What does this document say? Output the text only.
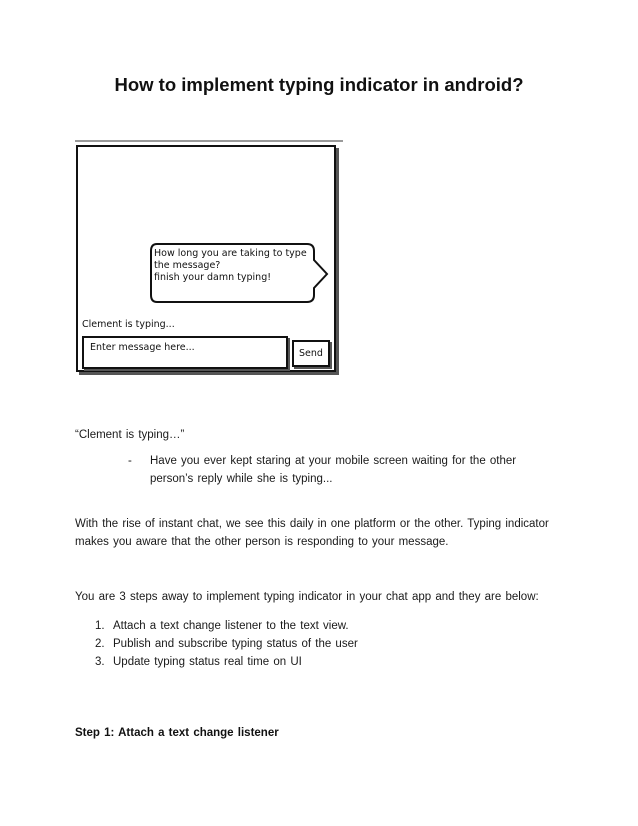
How to implement typing indicator in android?
How long you are taking to type
the message?
finish your damn typing!
Clement is typing...
Enter message here...
Send
“Clement is typing…”
- Have you ever kept staring at your mobile screen waiting for the other person’s reply while she is typing...
With the rise of instant chat, we see this daily in one platform or the other. Typing indicator makes you aware that the other person is responding to your message.
You are 3 steps away to implement typing indicator in your chat app and they are below:
1. Attach a text change listener to the text view.
2. Publish and subscribe typing status of the user
3. Update typing status real time on UI
Step 1: Attach a text change listener
